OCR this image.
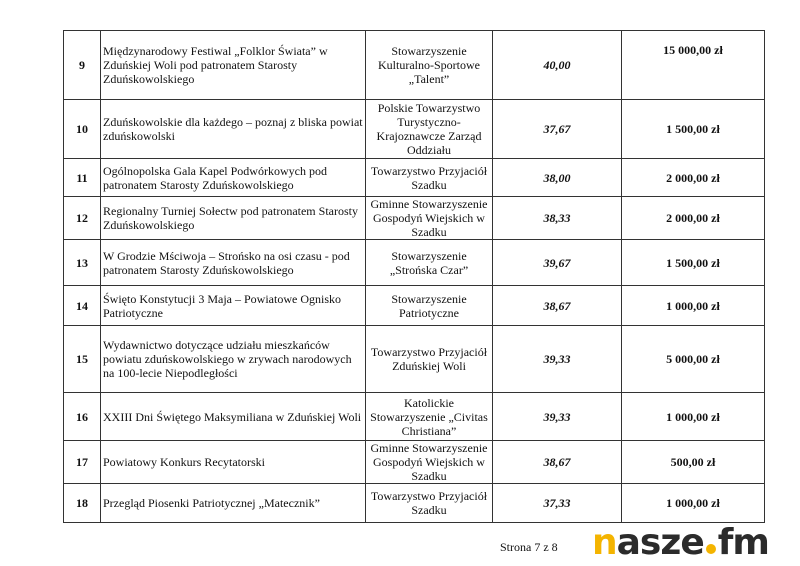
9	Międzynarodowy Festiwal „Folklor Świata” w Zduńskiej Woli pod patronatem Starosty Zduńskowolskiego	Stowarzyszenie Kulturalno-Sportowe „Talent”	40,00	15 000,00 zł
10	Zduńskowolskie dla każdego – poznaj z bliska powiat zduńskowolski	Polskie Towarzystwo Turystyczno-Krajoznawcze Zarząd Oddziału	37,67	1 500,00 zł
11	Ogólnopolska Gala Kapel Podwórkowych pod patronatem Starosty Zduńskowolskiego	Towarzystwo Przyjaciół Szadku	38,00	2 000,00 zł
12	Regionalny Turniej Sołectw pod patronatem Starosty Zduńskowolskiego	Gminne Stowarzyszenie Gospodyń Wiejskich w Szadku	38,33	2 000,00 zł
13	W Grodzie Mściwoja – Strońsko na osi czasu - pod patronatem Starosty Zduńskowolskiego	Stowarzyszenie „Strońska Czar”	39,67	1 500,00 zł
14	Święto Konstytucji 3 Maja – Powiatowe Ognisko Patriotyczne	Stowarzyszenie Patriotyczne	38,67	1 000,00 zł
15	Wydawnictwo dotyczące udziału mieszkańców powiatu zduńskowolskiego w zrywach narodowych na 100-lecie Niepodległości	Towarzystwo Przyjaciół Zduńskiej Woli	39,33	5 000,00 zł
16	XXIII Dni Świętego Maksymiliana w Zduńskiej Woli	Katolickie Stowarzyszenie „Civitas Christiana”	39,33	1 000,00 zł
17	Powiatowy Konkurs Recytatorski	Gminne Stowarzyszenie Gospodyń Wiejskich w Szadku	38,67	500,00 zł
18	Przegląd Piosenki Patriotycznej „Matecznik”	Towarzystwo Przyjaciół Szadku	37,33	1 000,00 zł
Strona 7 z 8 nasze fm
